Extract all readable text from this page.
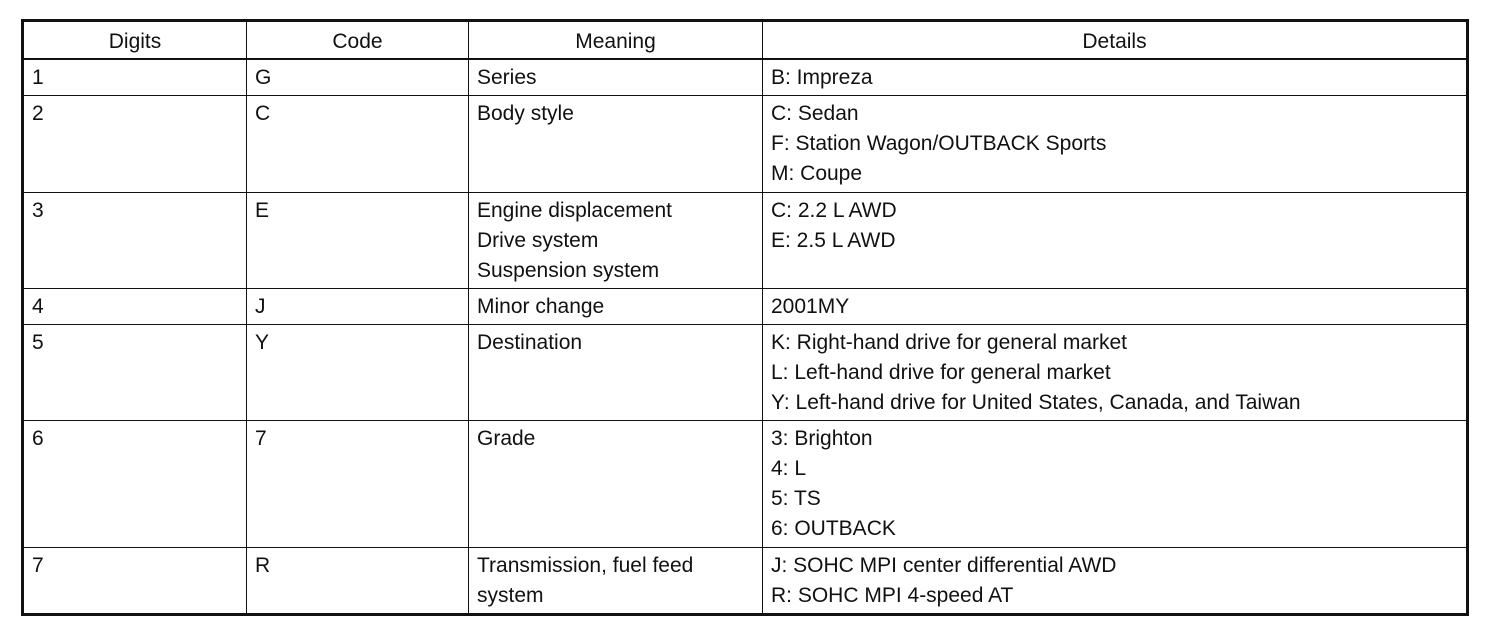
Digits	Code	Meaning	Details
1	G	Series	B: Impreza

2	C	Body style	C: Sedan
F: Station Wagon/OUTBACK Sports
M: Coupe

3	E	Engine displacement
Drive system
Suspension system	C: 2.2 L AWD
E: 2.5 L AWD

4	J	Minor change	2001MY

5	Y	Destination	K: Right-hand drive for general market
L: Left-hand drive for general market
Y: Left-hand drive for United States, Canada, and Taiwan

6	7	Grade	3: Brighton
4: L
5: TS
6: OUTBACK

7	R	Transmission, fuel feed
system	J: SOHC MPI center differential AWD
R: SOHC MPI 4-speed AT
